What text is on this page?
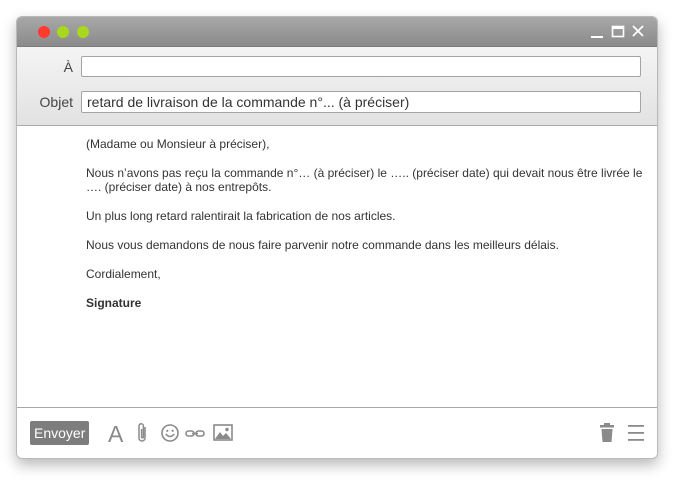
À
Objet
retard de livraison de la commande n°... (à préciser)

(Madame ou Monsieur à préciser),

Nous n’avons pas reçu la commande n°… (à préciser) le ….. (préciser date) qui devait nous être livrée le …. (préciser date) à nos entrepôts.

Un plus long retard ralentirait la fabrication de nos articles.

Nous vous demandons de nous faire parvenir notre commande dans les meilleurs délais.

Cordialement,

Signature

Envoyer A
